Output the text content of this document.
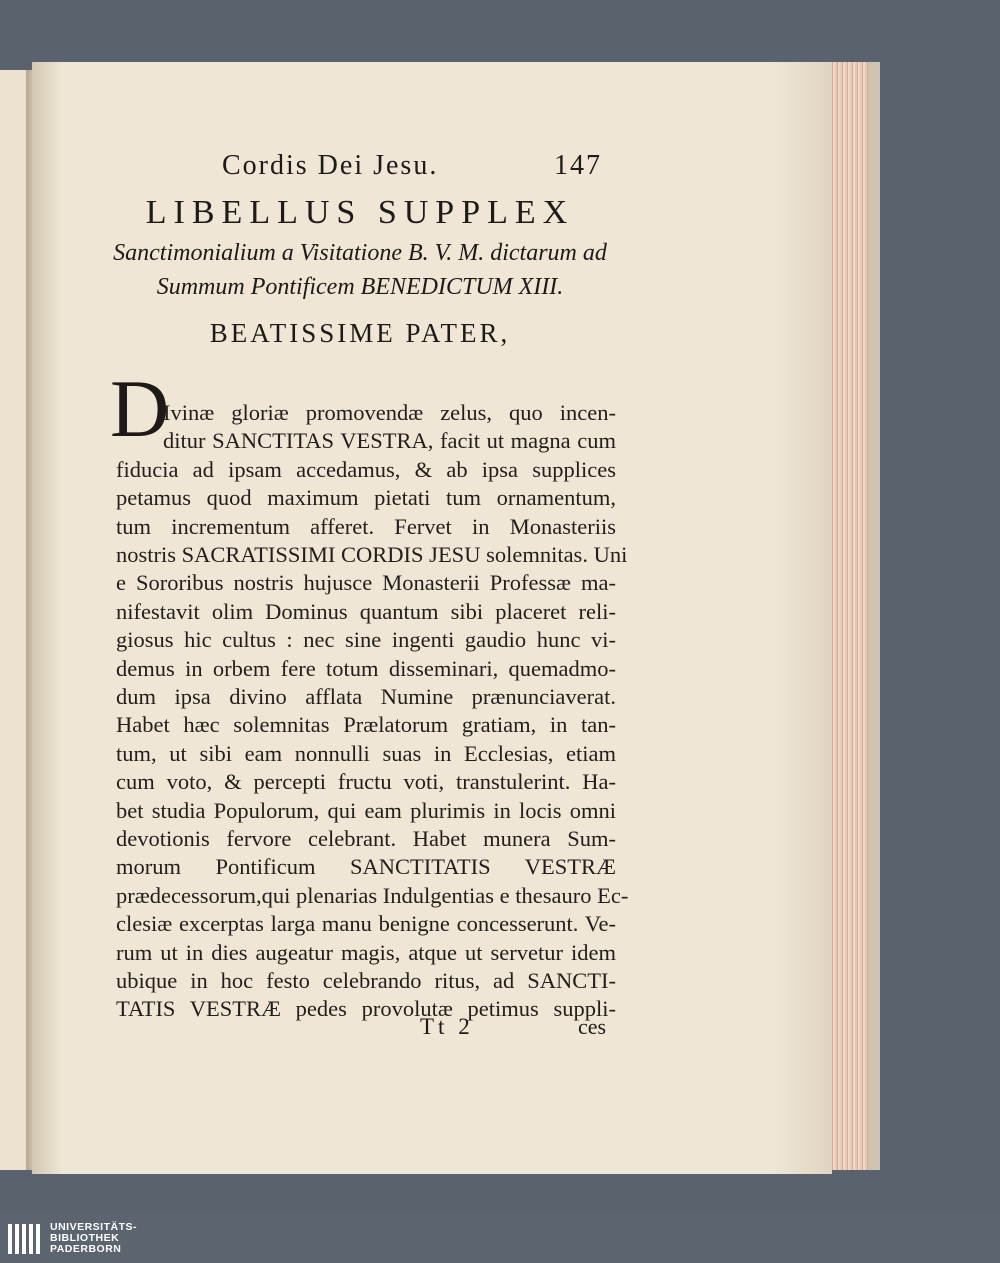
Cordis Dei Jesu.	147
LIBELLUS SUPPLEX
Sanctimonialium a Visitatione B. V. M. dictarum ad
Summum Pontificem BENEDICTUM XIII.
BEATISSIME PATER,
D
Ivinæ gloriæ promovendæ zelus, quo incen-
ditur SANCTITAS VESTRA, facit ut magna cum
fiducia ad ipsam accedamus, & ab ipsa supplices
petamus quod maximum pietati tum ornamentum,
tum incrementum afferet. Fervet in Monasteriis
nostris SACRATISSIMI CORDIS JESU solemnitas. Uni
e Sororibus nostris hujusce Monasterii Professæ ma-
nifestavit olim Dominus quantum sibi placeret reli-
giosus hic cultus : nec sine ingenti gaudio hunc vi-
demus in orbem fere totum disseminari, quemadmo-
dum ipsa divino afflata Numine prænunciaverat.
Habet hæc solemnitas Prælatorum gratiam, in tan-
tum, ut sibi eam nonnulli suas in Ecclesias, etiam
cum voto, & percepti fructu voti, transtulerint. Ha-
bet studia Populorum, qui eam plurimis in locis omni
devotionis fervore celebrant. Habet munera Sum-
morum Pontificum SANCTITATIS VESTRÆ
prædecessorum,qui plenarias Indulgentias e thesauro Ec-
clesiæ excerptas larga manu benigne concesserunt. Ve-
rum ut in dies augeatur magis, atque ut servetur idem
ubique in hoc festo celebrando ritus, ad SANCTI-
TATIS VESTRÆ pedes provolutæ petimus suppli-
Tt 2	ces
UNIVERSITÄTS-
BIBLIOTHEK
PADERBORN
